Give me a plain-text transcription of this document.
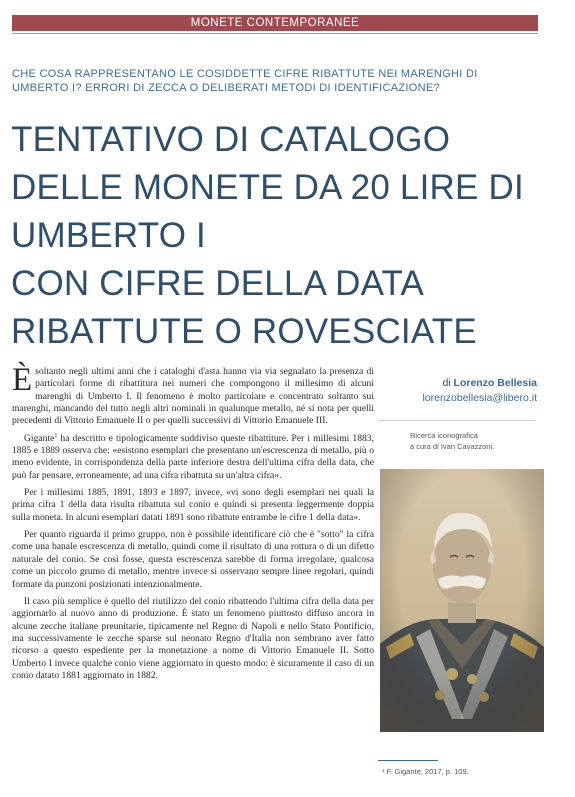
MONETE CONTEMPORANEE
CHE COSA RAPPRESENTANO LE COSIDDETTE CIFRE RIBATTUTE NEI MARENGHI DI
UMBERTO I? ERRORI DI ZECCA O DELIBERATI METODI DI IDENTIFICAZIONE?
TENTATIVO DI CATALOGO
DELLE MONETE DA 20 LIRE DI
UMBERTO I
CON CIFRE DELLA DATA
RIBATTUTE O ROVESCIATE

Èsoltanto negli ultimi anni che i cataloghi d'asta hanno via via segnalato la presenza di particolari forme di ribattitura nei numeri che compongono il millesimo di alcuni marenghi di Umberto I. Il fenomeno è molto particolare e concentrato soltanto sui marenghi, mancando del tutto negli altri nominali in qualunque metallo, né si nota per quelli precedenti di Vittorio Emanuele II o per quelli successivi di Vittorio Emanuele III.

Gigante$^1$ ha descritto e tipologicamente suddiviso queste ribattiture. Per i millesimi 1883, 1885 e 1889 osserva che: «esistono esemplari che presentano un'escrescenza di metallo, più o meno evidente, in corrispondenza della parte inferiore destra dell'ultima cifra della data, che può far pensare, erroneamente, ad una cifra ribattuta su un'altra cifra».

Per i millesimi 1885, 1891, 1893 e 1897, invece, «vi sono degli esemplari nei quali la prima cifra 1 della data risulta ribattuta sul conio e quindi si presenta leggermente doppia sulla moneta. In alcuni esemplari datati 1891 sono ribattute entrambe le cifre 1 della data».

Per quanto riguarda il primo gruppo, non è possibile identificare ciò che è "sotto" la cifra come una banale escrescenza di metallo, quindi come il risultato di una rottura o di un difetto naturale del conio. Se così fosse, questa escrescenza sarebbe di forma irregolare, qualcosa come un piccolo grumo di metallo, mentre invece si osservano sempre linee regolari, quindi formate da punzoni posizionati intenzionalmente.

Il caso più semplice è quello del riutilizzo del conio ribattendo l'ultima cifra della data per aggiornarlo al nuovo anno di produzione. È stato un fenomeno piuttosto diffuso ancora in alcune zecche italiane preunitarie, tipicamente nel Regno di Napoli e nello Stato Pontificio, ma successivamente le zecche sparse sul neonato Regno d'Italia non sembrano aver fatto ricorso a questo espediente per la monetazione a nome di Vittorio Emanuele II. Sotto Umberto I invece qualche conio viene aggiornato in questo modo: è sicuramente il caso di un conio datato 1881 aggiornato in 1882.

di Lorenzo Bellesia
lorenzobellesia@libero.it
Ricerca iconografica
a cura di Ivan Cavazzoni.
¹ F. Gigante, 2017, p. 109.
